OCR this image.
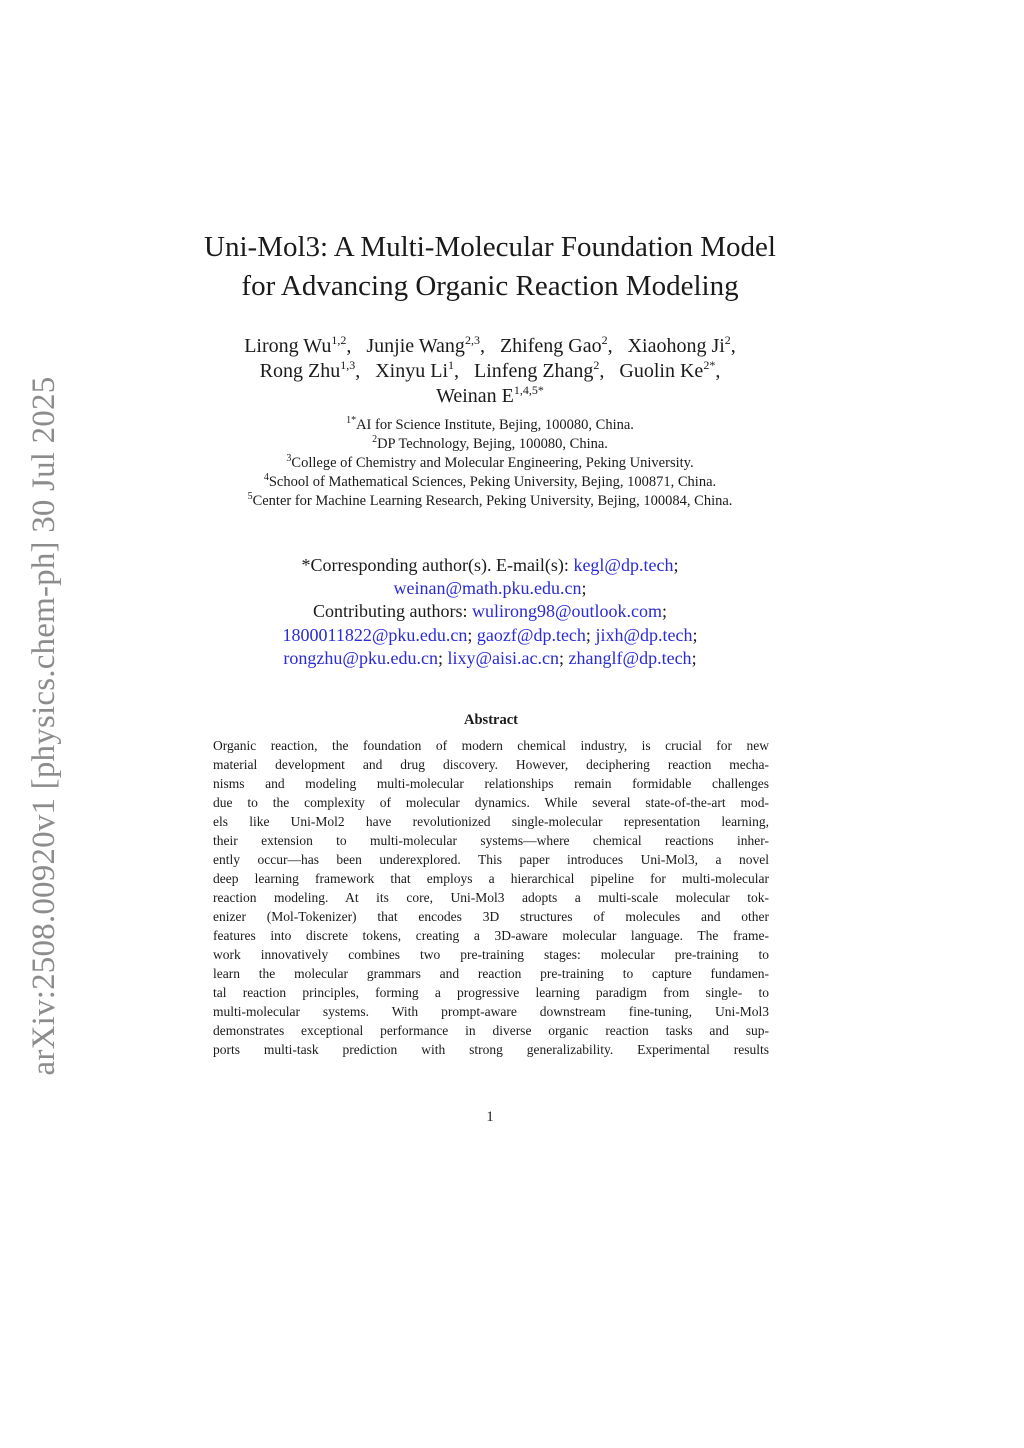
arXiv:2508.00920v1 [physics.chem-ph] 30 Jul 2025
Uni-Mol3: A Multi-Molecular Foundation Model
for Advancing Organic Reaction Modeling
Lirong Wu$^{1,2}$, Junjie Wang$^{2,3}$, Zhifeng Gao$^2$, Xiaohong Ji$^2$,
Rong Zhu$^{1,3}$, Xinyu Li$^1$, Linfeng Zhang$^2$, Guolin $Ke^{2*}$,
Weinan $E^{1,4,5*}$
$^{1*}$AI for Science Institute, Bejing, 100080, China.
$^2$DP Technology, Bejing, 100080, China.
$^3$College of Chemistry and Molecular Engineering, Peking University.
$^4$School of Mathematical Sciences, Peking University, Bejing, 100871, China.
$^5$Center for Machine Learning Research, Peking University, Bejing, 100084, China.
*Corresponding author(s). E-mail(s): kegl@dp.tech;
weinan@math.pku.edu.cn;
Contributing authors: wulirong98@outlook.com;
1800011822@pku.edu.cn; gaozf@dp.tech; jixh@dp.tech;
rongzhu@pku.edu.cn; lixy@aisi.ac.cn; zhanglf@dp.tech;
Abstract
Organic reaction, the foundation of modern chemical industry, is crucial for new
material development and drug discovery. However, deciphering reaction mecha-
nisms and modeling multi-molecular relationships remain formidable challenges
due to the complexity of molecular dynamics. While several state-of-the-art mod-
els like Uni-Mol2 have revolutionized single-molecular representation learning,
their extension to multi-molecular systems—where chemical reactions inher-
ently occur—has been underexplored. This paper introduces Uni-Mol3, a novel
deep learning framework that employs a hierarchical pipeline for multi-molecular
reaction modeling. At its core, Uni-Mol3 adopts a multi-scale molecular tok-
enizer (Mol-Tokenizer) that encodes 3D structures of molecules and other
features into discrete tokens, creating a 3D-aware molecular language. The frame-
work innovatively combines two pre-training stages: molecular pre-training to
learn the molecular grammars and reaction pre-training to capture fundamen-
tal reaction principles, forming a progressive learning paradigm from single- to
multi-molecular systems. With prompt-aware downstream fine-tuning, Uni-Mol3
demonstrates exceptional performance in diverse organic reaction tasks and sup-
ports multi-task prediction with strong generalizability. Experimental results
1
